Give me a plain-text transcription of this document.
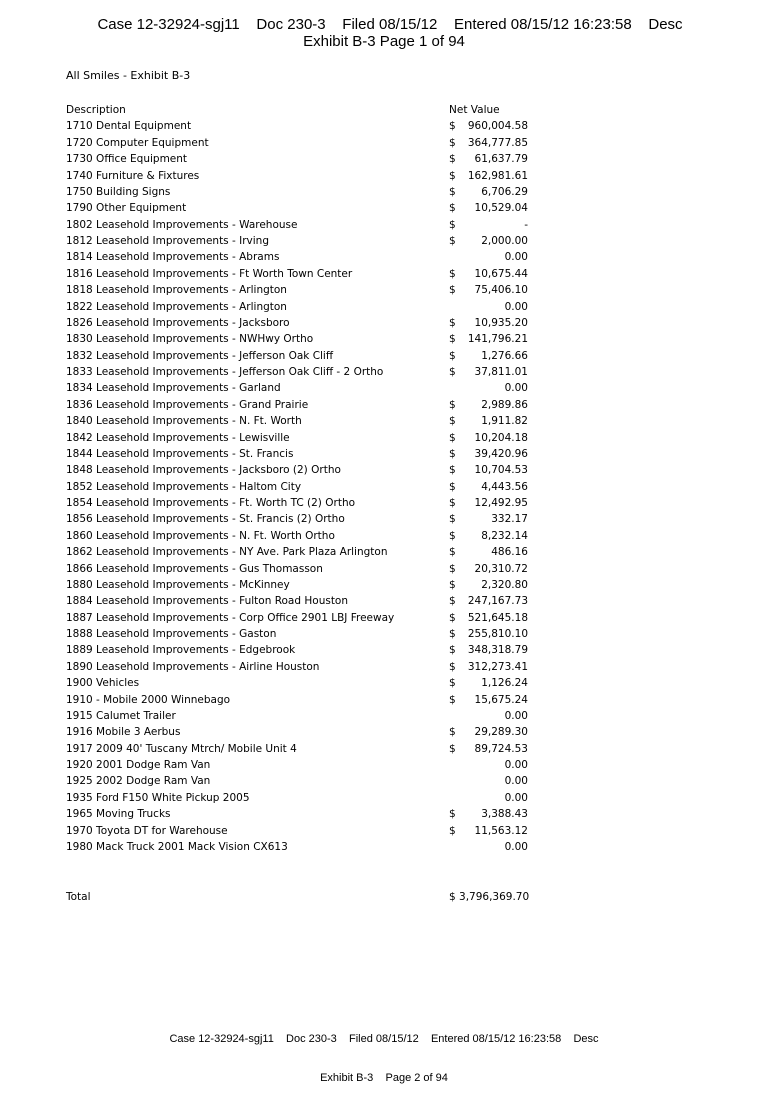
Case 12-32924-sgj11    Doc 230-3    Filed 08/15/12    Entered 08/15/12 16:23:58    Desc
Exhibit B-3 Page 1 of 94
All Smiles - Exhibit B-3
Description	Net Value
1710 Dental Equipment	$ 960,004.58
1720 Computer Equipment	$ 364,777.85
1730 Office Equipment	$ 61,637.79
1740 Furniture & Fixtures	$ 162,981.61
1750 Building Signs	$ 6,706.29
1790 Other Equipment	$ 10,529.04
1802 Leasehold Improvements - Warehouse	$	-
1812 Leasehold Improvements - Irving	$ 2,000.00
1814 Leasehold Improvements - Abrams	0.00
1816 Leasehold Improvements - Ft Worth Town Center	$ 10,675.44
1818 Leasehold Improvements - Arlington	$ 75,406.10
1822 Leasehold Improvements - Arlington	0.00
1826 Leasehold Improvements - Jacksboro	$ 10,935.20
1830 Leasehold Improvements - NWHwy Ortho	$ 141,796.21
1832 Leasehold Improvements - Jefferson Oak Cliff	$ 1,276.66
1833 Leasehold Improvements - Jefferson Oak Cliff - 2 Ortho	$ 37,811.01
1834 Leasehold Improvements - Garland	0.00
1836 Leasehold Improvements - Grand Prairie	$ 2,989.86
1840 Leasehold Improvements - N. Ft. Worth	$ 1,911.82
1842 Leasehold Improvements - Lewisville	$ 10,204.18
1844 Leasehold Improvements - St. Francis	$ 39,420.96
1848 Leasehold Improvements - Jacksboro (2) Ortho	$ 10,704.53
1852 Leasehold Improvements - Haltom City	$ 4,443.56
1854 Leasehold Improvements - Ft. Worth TC (2) Ortho	$ 12,492.95
1856 Leasehold Improvements - St. Francis (2) Ortho	$	332.17
1860 Leasehold Improvements - N. Ft. Worth Ortho	$ 8,232.14
1862 Leasehold Improvements - NY Ave. Park Plaza Arlington	$	486.16
1866 Leasehold Improvements - Gus Thomasson	$ 20,310.72
1880 Leasehold Improvements - McKinney	$ 2,320.80
1884 Leasehold Improvements - Fulton Road Houston	$ 247,167.73
1887 Leasehold Improvements - Corp Office 2901 LBJ Freeway	$ 521,645.18
1888 Leasehold Improvements - Gaston	$ 255,810.10
1889 Leasehold Improvements - Edgebrook	$ 348,318.79
1890 Leasehold Improvements - Airline Houston	$ 312,273.41
1900 Vehicles	$ 1,126.24
1910 - Mobile 2000 Winnebago	$ 15,675.24
1915 Calumet Trailer	0.00
1916 Mobile 3 Aerbus	$ 29,289.30
1917 2009 40' Tuscany Mtrch/ Mobile Unit 4	$ 89,724.53
1920 2001 Dodge Ram Van	0.00
1925 2002 Dodge Ram Van	0.00
1935 Ford F150 White Pickup 2005	0.00
1965 Moving Trucks	$ 3,388.43
1970 Toyota DT for Warehouse	$ 11,563.12
1980 Mack Truck 2001 Mack Vision CX613	0.00
Total	$ 3,796,369.70

Case 12-32924-sgj11    Doc 230-3    Filed 08/15/12    Entered 08/15/12 16:23:58    Desc

Exhibit B-3    Page 2 of 94
